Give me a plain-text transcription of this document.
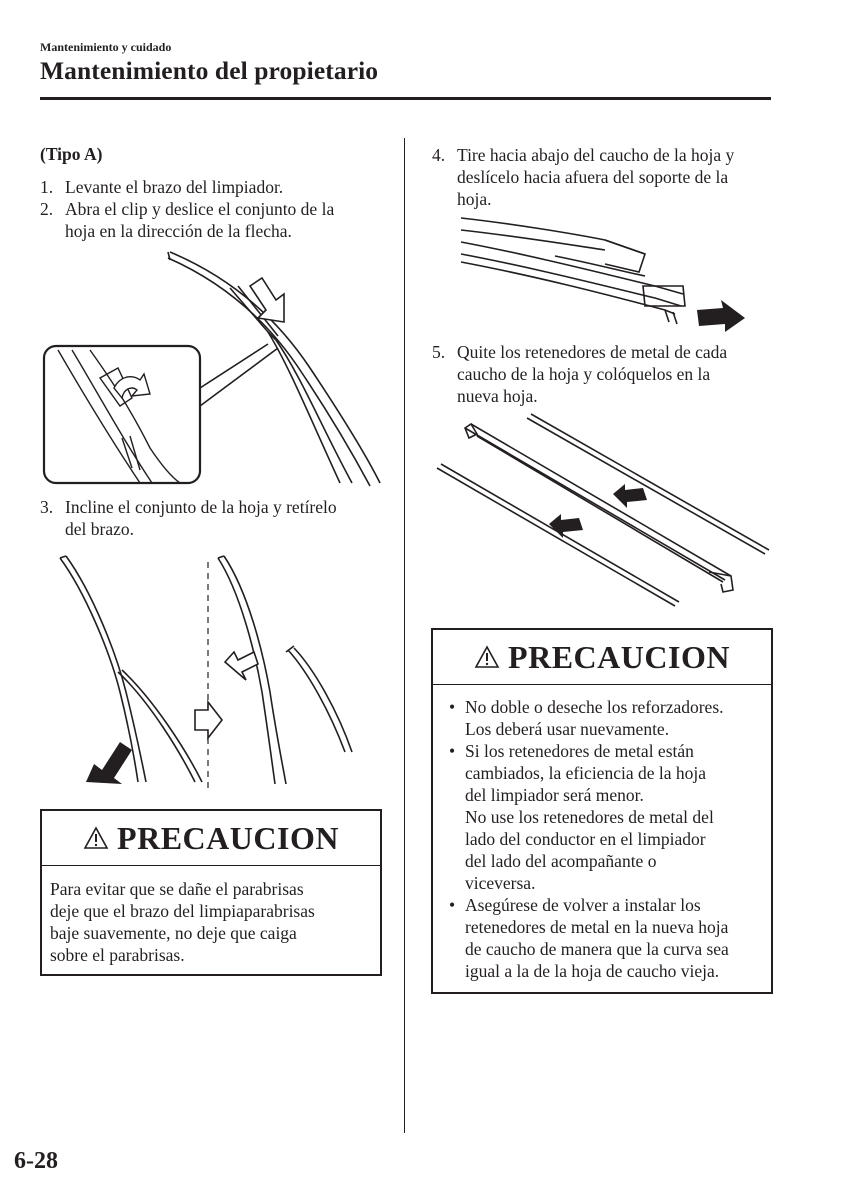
Mantenimiento y cuidado
Mantenimiento del propietario
(Tipo A)
1. Levante el brazo del limpiador.
2. Abra el clip y deslice el conjunto de la
hoja en la dirección de la flecha.
3. Incline el conjunto de la hoja y retírelo
del brazo.
PRECAUCION
Para evitar que se dañe el parabrisas
deje que el brazo del limpiaparabrisas
baje suavemente, no deje que caiga
sobre el parabrisas.
4. Tire hacia abajo del caucho de la hoja y
deslícelo hacia afuera del soporte de la
hoja.
5. Quite los retenedores de metal de cada
caucho de la hoja y colóquelos en la
nueva hoja.
PRECAUCION
• No doble o deseche los reforzadores.
Los deberá usar nuevamente.
• Si los retenedores de metal están
cambiados, la eficiencia de la hoja
del limpiador será menor.
No use los retenedores de metal del
lado del conductor en el limpiador
del lado del acompañante o
viceversa.
• Asegúrese de volver a instalar los
retenedores de metal en la nueva hoja
de caucho de manera que la curva sea
igual a la de la hoja de caucho vieja.
6-28
